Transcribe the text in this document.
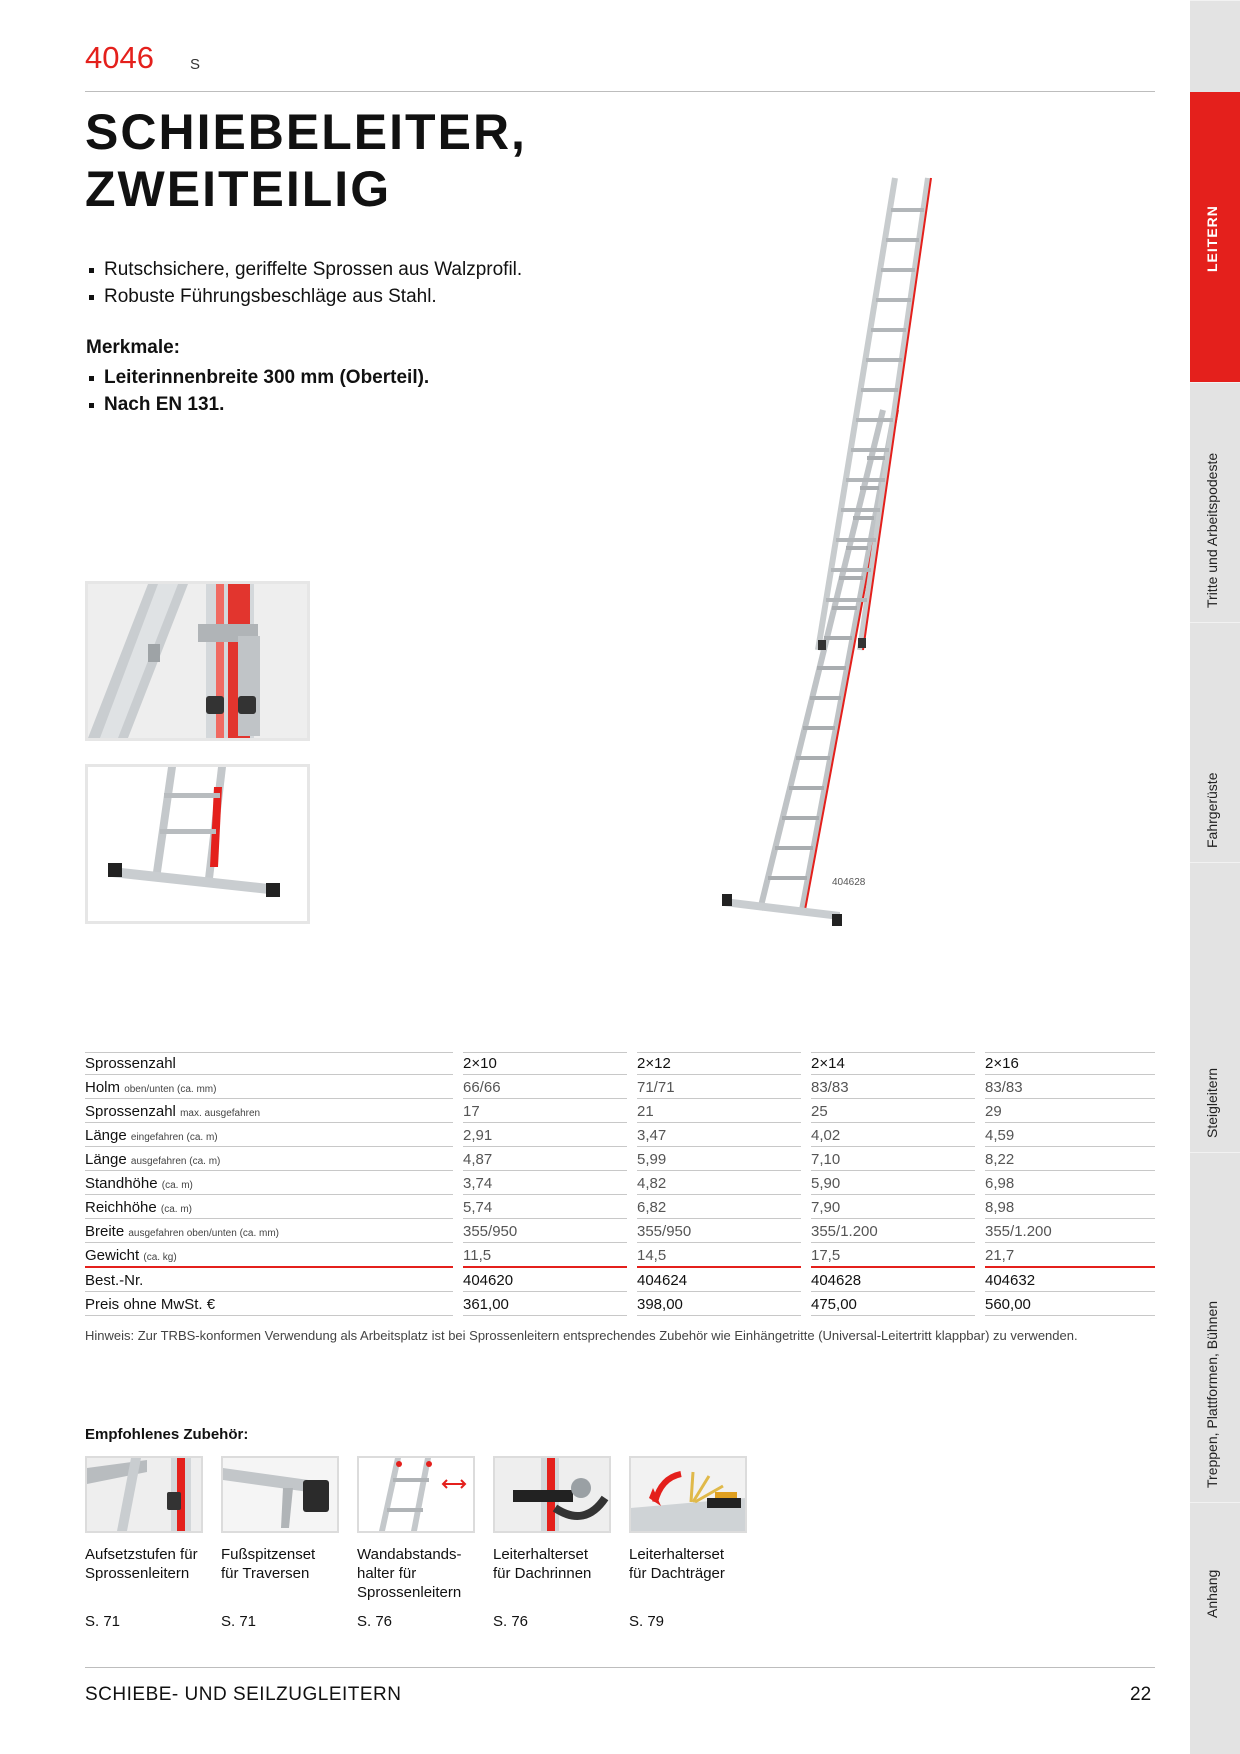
4046 S
SCHIEBELEITER,
ZWEITEILIG
Rutschsichere, geriffelte Sprossen aus Walzprofil.
Robuste Führungsbeschläge aus Stahl.
Merkmale:
Leiterinnenbreite 300 mm (Oberteil).
Nach EN 131.
404628
Sprossenzahl	2×10	2×12	2×14	2×16

Holm oben/unten (ca. mm)	66/66	71/71	83/83	83/83

Sprossenzahl max. ausgefahren	17	21	25	29

Länge eingefahren (ca. m)	2,91	3,47	4,02	4,59

Länge ausgefahren (ca. m)	4,87	5,99	7,10	8,22

Standhöhe (ca. m)	3,74	4,82	5,90	6,98

Reichhöhe (ca. m)	5,74	6,82	7,90	8,98

Breite ausgefahren oben/unten (ca. mm)	355/950	355/950	355/1.200	355/1.200

Gewicht (ca. kg)	11,5	14,5	17,5	21,7

Best.-Nr.	404620	404624	404628	404632

Preis ohne MwSt. €	361,00	398,00	475,00	560,00
Hinweis: Zur TRBS-konformen Verwendung als Arbeitsplatz ist bei Sprossenleitern entsprechendes Zubehör wie Einhängetritte (Universal-Leitertritt klappbar) zu verwenden.
Empfohlenes Zubehör:
Aufsetzstufen für
Sprossenleitern
S. 71
Fußspitzenset
für Traversen
S. 71
Wandabstands-
halter für
Sprossenleitern
S. 76
Leiterhalterset
für Dachrinnen
S. 76
Leiterhalterset
für Dachträger
S. 79
SCHIEBE- UND SEILZUGLEITERN	22
LEITERN
Tritte und Arbeitspodeste
Fahrgerüste
Steigleitern
Treppen, Plattformen, Bühnen
Anhang
